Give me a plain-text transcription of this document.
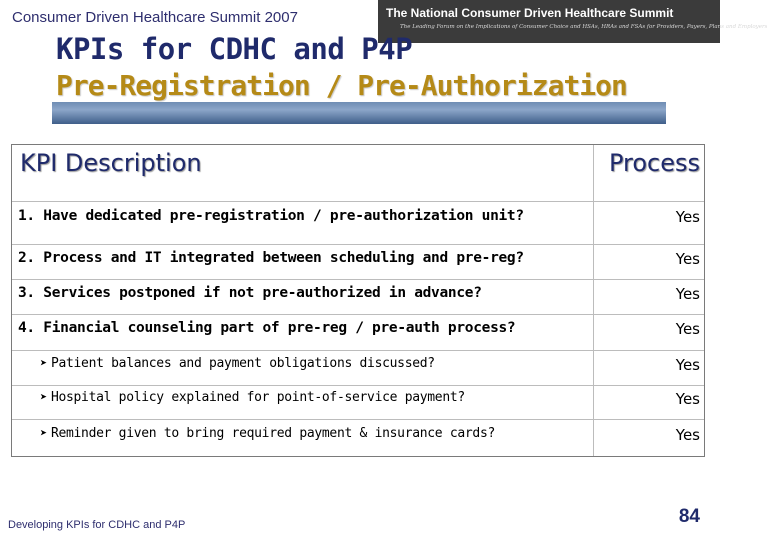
Consumer Driven Healthcare Summit 2007	The National Consumer Driven Healthcare Summit
The Leading Forum on the Implications of Consumer Choice and HSAs, HRAs and FSAs for Providers, Payers, Plans and Employers
KPIs for CDHC and P4P
Pre-Registration / Pre-Authorization
KPI Description	Process
1. Have dedicated pre-registration / pre-authorization unit?	Yes
2. Process and IT integrated between scheduling and pre-reg?	Yes
3. Services postponed if not pre-authorized in advance?	Yes
4. Financial counseling part of pre-reg / pre-auth process?	Yes
➤ Patient balances and payment obligations discussed?	Yes
➤ Hospital policy explained for point-of-service payment?	Yes
➤ Reminder given to bring required payment & insurance cards?	Yes
Developing KPIs for CDHC and P4P	84
